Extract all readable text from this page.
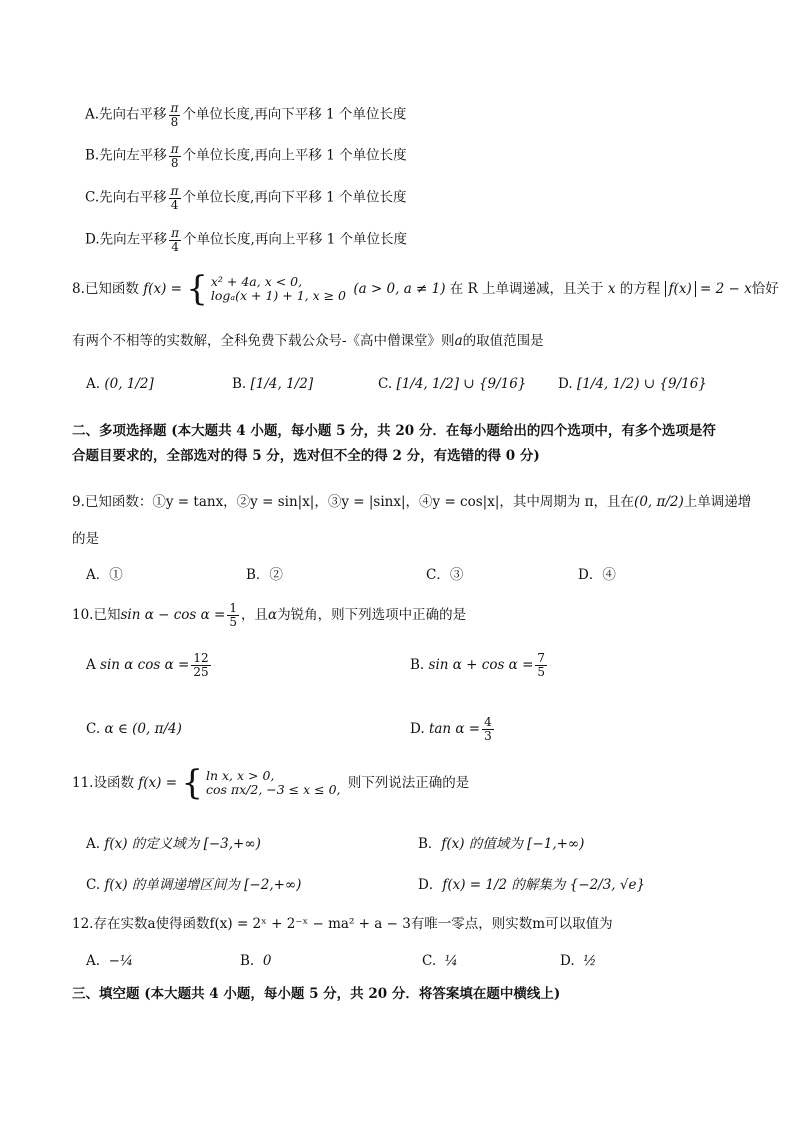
A.先向右平移 $\frac{\pi}{8}$ 个单位长度,再向下平移 1 个单位长度
B.先向左平移 $\frac{\pi}{8}$ 个单位长度,再向上平移 1 个单位长度
C.先向右平移 $\frac{\pi}{4}$ 个单位长度,再向下平移 1 个单位长度
D.先向左平移 $\frac{\pi}{4}$ 个单位长度,再向上平移 1 个单位长度
8.已知函数 f(x) = { x² + 4a, x < 0,
logₐ(x + 1) + 1, x ≥ 0 (a > 0, a ≠ 1) 在 R 上单调递减，且关于 x 的方程 f(x) = 2 − x恰好
有两个不相等的实数解，全科免费下载公众号-《高中僧课堂》则a的取值范围是
A. (0, 1/2]	B. [1/4, 1/2]	C. [1/4, 1/2] ∪ {9/16} D. [1/4, 1/2) ∪ {9/16}
二、多项选择题 (本大题共 4 小题，每小题 5 分，共 20 分．在每小题给出的四个选项中，有多个选项是符
合题目要求的，全部选对的得 5 分，选对但不全的得 2 分，有选错的得 0 分)
9.已知函数：①y = tanx，②y = sin|x|，③y = |sinx|，④y = cos|x|，其中周期为 π，且在(0, π/2)上单调递增
的是
A．①	B．②	C．③	D．④
10.已知$\sin \alpha - \cos \alpha = \frac{1}{5}$ ，且α为锐角，则下列选项中正确的是
A sin α $\cos \alpha = \frac{12}{25}$	B. $\sin \alpha + \cos \alpha = \frac{7}{5}$
C. α ∈ (0, π/4)	D. $\tan \alpha = \frac{4}{3}$
11.设函数 f(x) = { ln x, x > 0,
cos πx/2, −3 ≤ x ≤ 0, 则下列说法正确的是
A. f(x) 的定义域为 [−3,+∞)	B．f(x) 的值域为 [−1,+∞)
C. f(x) 的单调递增区间为 [−2,+∞)	D．f(x) = 1/2 的解集为 {−2/3, √e}
12.存在实数a使得函数f(x) = 2ˣ + 2⁻ˣ − ma² + a − 3有唯一零点，则实数m可以取值为
A. −¼	B. 0	C. ¼	D. ½
三、填空题 (本大题共 4 小题，每小题 5 分，共 20 分．将答案填在题中横线上)
